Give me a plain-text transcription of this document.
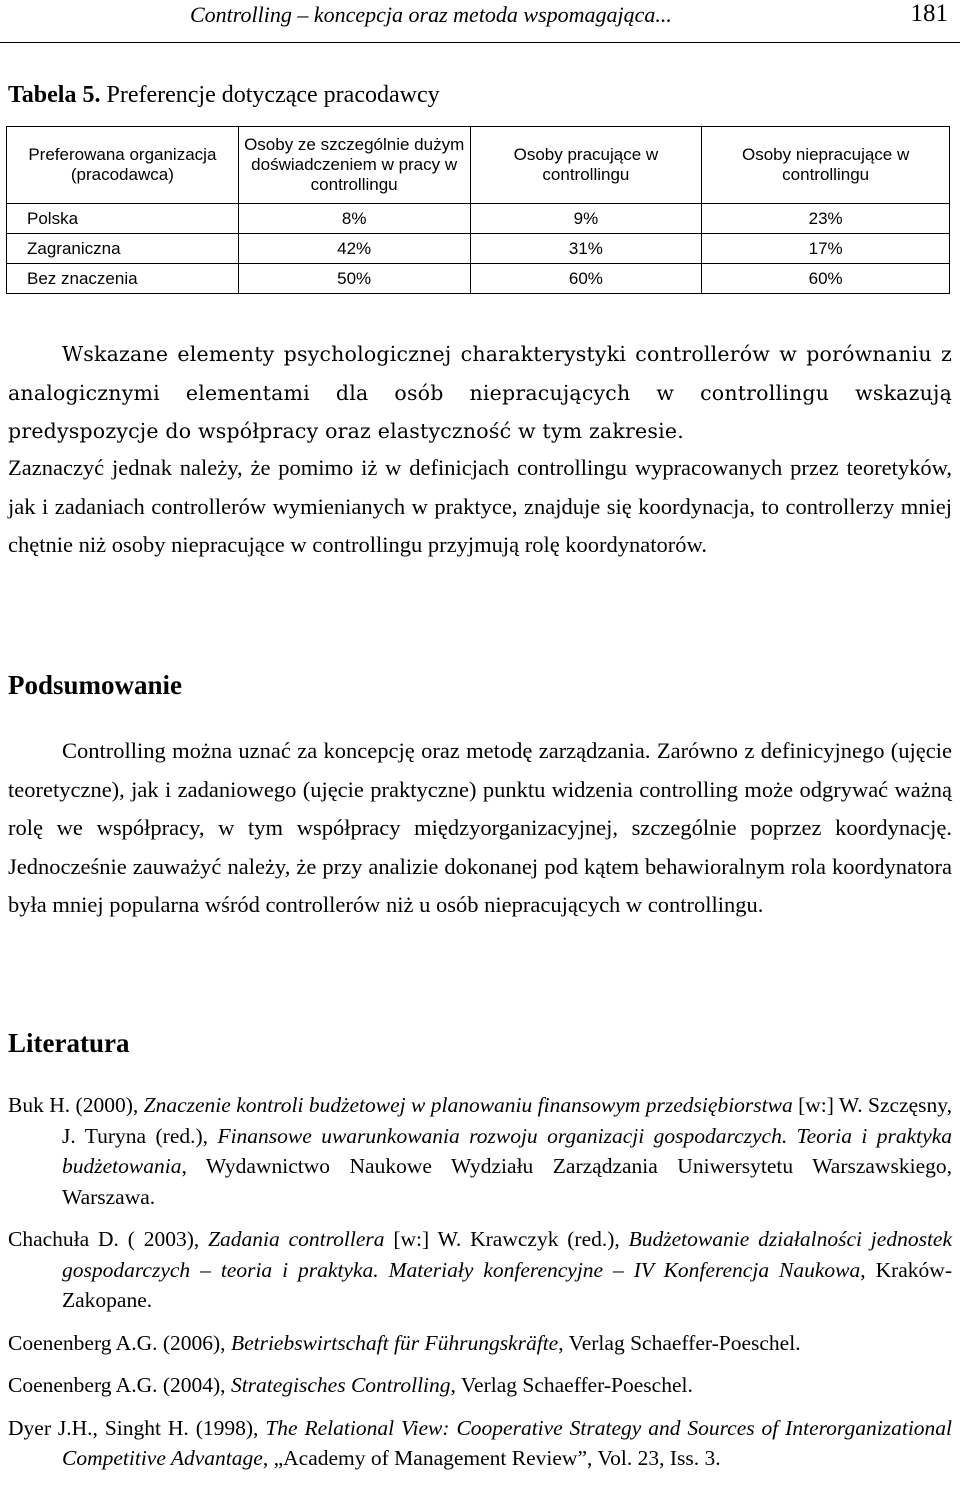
Controlling – koncepcja oraz metoda wspomagająca...	181
Tabela 5. Preferencje dotyczące pracodawcy
Preferowana organizacja (pracodawca)	Osoby ze szczególnie dużym doświadczeniem w pracy w controllingu	Osoby pracujące w controllingu	Osoby niepracujące w controllingu
Polska	8%	9%	23%
Zagraniczna	42%	31%	17%
Bez znaczenia	50%	60%	60%
Wskazane elementy psychologicznej charakterystyki controllerów w porównaniu z analogicznymi elementami dla osób niepracujących w controllingu wskazują predyspozycje do współpracy oraz elastyczność w tym zakresie.
Zaznaczyć jednak należy, że pomimo iż w definicjach controllingu wypracowanych przez teoretyków, jak i zadaniach controllerów wymienianych w praktyce, znajduje się koordynacja, to controllerzy mniej chętnie niż osoby niepracujące w controllingu przyjmują rolę koordynatorów.
Podsumowanie
Controlling można uznać za koncepcję oraz metodę zarządzania. Zarówno z definicyjnego (ujęcie teoretyczne), jak i zadaniowego (ujęcie praktyczne) punktu widzenia controlling może odgrywać ważną rolę we współpracy, w tym współpracy międzyorganizacyjnej, szczególnie poprzez koordynację. Jednocześnie zauważyć należy, że przy analizie dokonanej pod kątem behawioralnym rola koordynatora była mniej popularna wśród controllerów niż u osób niepracujących w controllingu.
Literatura
Buk H. (2000), Znaczenie kontroli budżetowej w planowaniu finansowym przedsiębiorstwa [w:] W. Szczęsny, J. Turyna (red.), Finansowe uwarunkowania rozwoju organizacji gospodarczych. Teoria i praktyka budżetowania, Wydawnictwo Naukowe Wydziału Zarządzania Uniwersytetu Warszawskiego, Warszawa.
Chachuła D. ( 2003), Zadania controllera [w:] W. Krawczyk (red.), Budżetowanie działalności jednostek gospodarczych – teoria i praktyka. Materiały konferencyjne – IV Konferencja Naukowa, Kraków-Zakopane.
Coenenberg A.G. (2006), Betriebswirtschaft für Führungskräfte, Verlag Schaeffer-Poeschel.
Coenenberg A.G. (2004), Strategisches Controlling, Verlag Schaeffer-Poeschel.
Dyer J.H., Singht H. (1998), The Relational View: Cooperative Strategy and Sources of Interorganizational Competitive Advantage, „Academy of Management Review”, Vol. 23, Iss. 3.
